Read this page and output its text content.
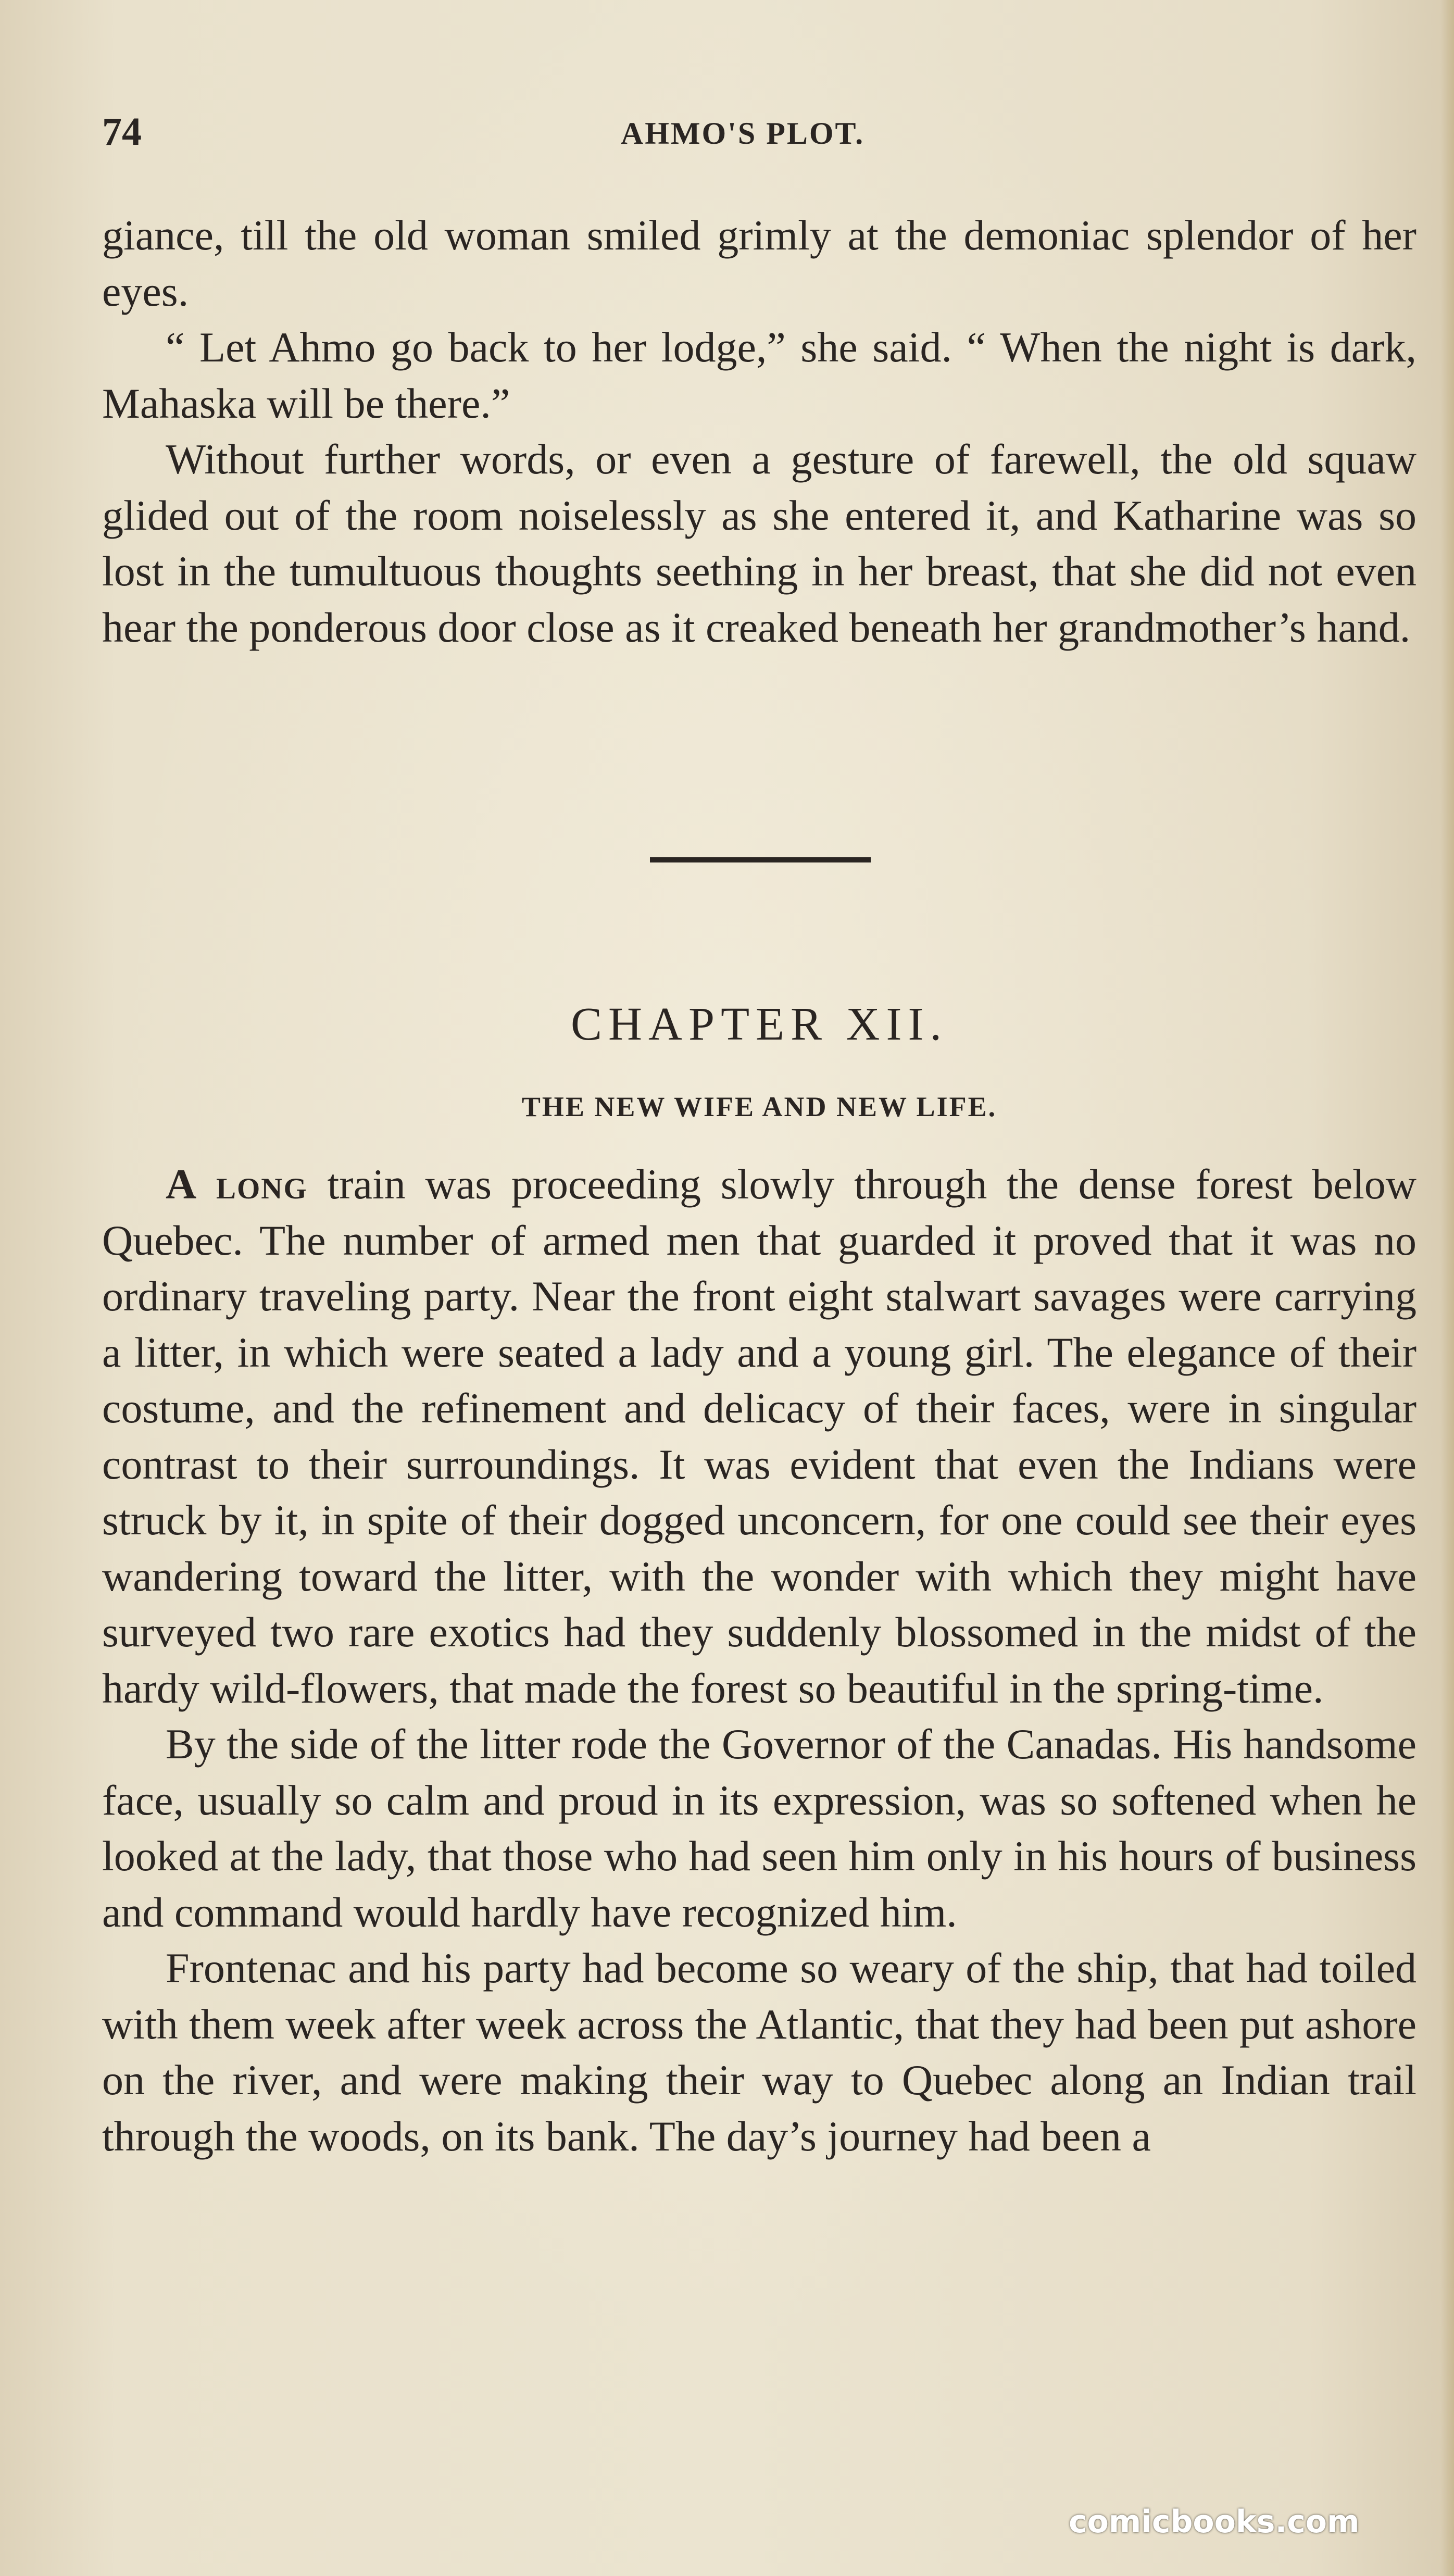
74	AHMO'S PLOT.

giance, till the old woman smiled grimly at the demoniac splendor of her eyes.

“ Let Ahmo go back to her lodge,” she said. “ When the night is dark, Mahaska will be there.”

Without further words, or even a gesture of farewell, the old squaw glided out of the room noiselessly as she entered it, and Katharine was so lost in the tumultuous thoughts seething in her breast, that she did not even hear the ponderous door close as it creaked beneath her grandmother’s hand.

CHAPTER XII.
THE NEW WIFE AND NEW LIFE.

A long train was proceeding slowly through the dense forest below Quebec. The number of armed men that guarded it proved that it was no ordinary traveling party. Near the front eight stalwart savages were carrying a litter, in which were seated a lady and a young girl. The elegance of their costume, and the refinement and delicacy of their faces, were in singular contrast to their surroundings. It was evident that even the Indians were struck by it, in spite of their dogged unconcern, for one could see their eyes wandering toward the litter, with the wonder with which they might have surveyed two rare exotics had they suddenly blossomed in the midst of the hardy wild-flowers, that made the forest so beautiful in the spring-time.

By the side of the litter rode the Governor of the Canadas. His handsome face, usually so calm and proud in its expression, was so softened when he looked at the lady, that those who had seen him only in his hours of business and command would hardly have recognized him.

Frontenac and his party had become so weary of the ship, that had toiled with them week after week across the Atlantic, that they had been put ashore on the river, and were making their way to Quebec along an Indian trail through the woods, on its bank. The day’s journey had been a

comicbooks.com
